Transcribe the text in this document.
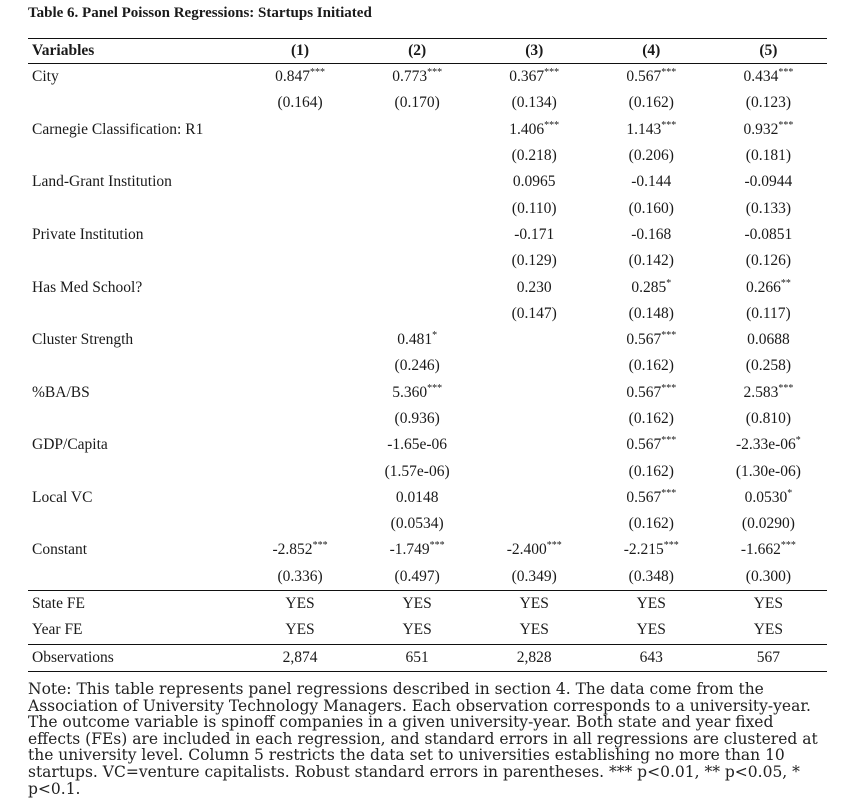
Table 6. Panel Poisson Regressions: Startups Initiated
Variables	(1)	(2)	(3)	(4)	(5)
City	0.847***	0.773***	0.367***	0.567***	0.434***
	(0.164)	(0.170)	(0.134)	(0.162)	(0.123)
Carnegie Classification: R1			1.406***	1.143***	0.932***
			(0.218)	(0.206)	(0.181)
Land-Grant Institution			0.0965	-0.144	-0.0944
			(0.110)	(0.160)	(0.133)
Private Institution			-0.171	-0.168	-0.0851
			(0.129)	(0.142)	(0.126)
Has Med School?			0.230	0.285*	0.266**
			(0.147)	(0.148)	(0.117)
Cluster Strength		0.481*		0.567***	0.0688
		(0.246)		(0.162)	(0.258)
%BA/BS		5.360***		0.567***	2.583***
		(0.936)		(0.162)	(0.810)
GDP/Capita		-1.65e-06		0.567***	-2.33e-06*
		(1.57e-06)		(0.162)	(1.30e-06)
Local VC		0.0148		0.567***	0.0530*
		(0.0534)		(0.162)	(0.0290)
Constant	-2.852***	-1.749***	-2.400***	-2.215***	-1.662***
	(0.336)	(0.497)	(0.349)	(0.348)	(0.300)
State FE	YES	YES	YES	YES	YES
Year FE	YES	YES	YES	YES	YES
Observations	2,874	651	2,828	643	567
Note: This table represents panel regressions described in section 4. The data come from the Association of University Technology Managers. Each observation corresponds to a university-year. The outcome variable is spinoff companies in a given university-year. Both state and year fixed effects (FEs) are included in each regression, and standard errors in all regressions are clustered at the university level. Column 5 restricts the data set to universities establishing no more than 10 startups. VC=venture capitalists. Robust standard errors in parentheses. *** p<0.01, ** p<0.05, * p<0.1.
